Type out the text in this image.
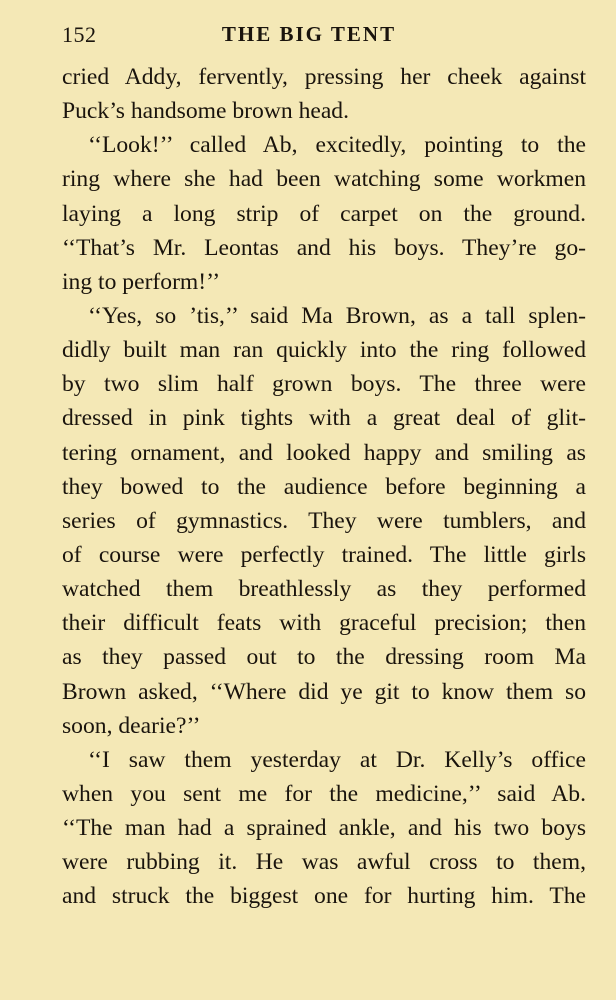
152	THE BIG TENT
cried Addy, fervently, pressing her cheek against
Puck’s handsome brown head.
‘‘Look!’’ called Ab, excitedly, pointing to the
ring where she had been watching some workmen
laying a long strip of carpet on the ground.
‘‘That’s Mr. Leontas and his boys. They’re go-
ing to perform!’’
‘‘Yes, so ’tis,’’ said Ma Brown, as a tall splen-
didly built man ran quickly into the ring followed
by two slim half grown boys. The three were
dressed in pink tights with a great deal of glit-
tering ornament, and looked happy and smiling as
they bowed to the audience before beginning a
series of gymnastics. They were tumblers, and
of course were perfectly trained. The little girls
watched them breathlessly as they performed
their difficult feats with graceful precision; then
as they passed out to the dressing room Ma
Brown asked, ‘‘Where did ye git to know them so
soon, dearie?’’
‘‘I saw them yesterday at Dr. Kelly’s office
when you sent me for the medicine,’’ said Ab.
‘‘The man had a sprained ankle, and his two boys
were rubbing it. He was awful cross to them,
and struck the biggest one for hurting him. The
